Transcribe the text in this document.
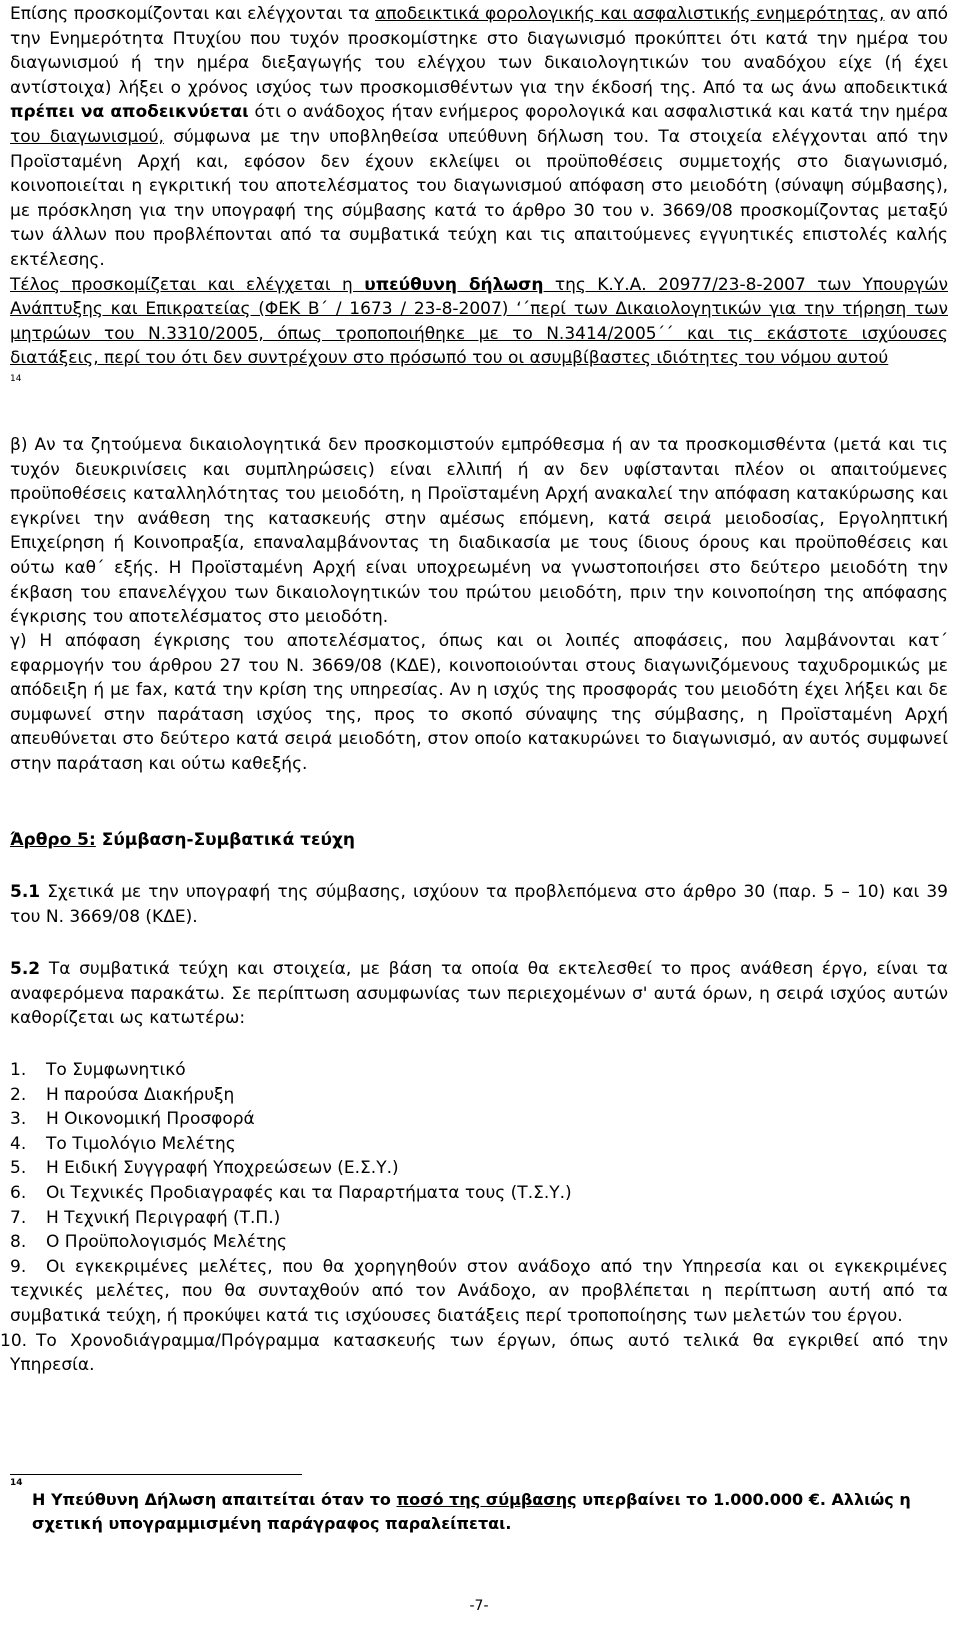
Επίσης προσκομίζονται και ελέγχονται τα αποδεικτικά φορολογικής και ασφαλιστικής ενημερότητας, αν από την Ενημερότητα Πτυχίου που τυχόν προσκομίστηκε στο διαγωνισμό προκύπτει ότι κατά την ημέρα του διαγωνισμού ή την ημέρα διεξαγωγής του ελέγχου των δικαιολογητικών του αναδόχου είχε (ή έχει αντίστοιχα) λήξει ο χρόνος ισχύος των προσκομισθέντων για την έκδοσή της. Από τα ως άνω αποδεικτικά πρέπει να αποδεικνύεται ότι ο ανάδοχος ήταν ενήμερος φορολογικά και ασφαλιστικά και κατά την ημέρα του διαγωνισμού, σύμφωνα με την υποβληθείσα υπεύθυνη δήλωση του. Τα στοιχεία ελέγχονται από την Προϊσταμένη Αρχή και, εφόσον δεν έχουν εκλείψει οι προϋποθέσεις συμμετοχής στο διαγωνισμό, κοινοποιείται η εγκριτική του αποτελέσματος του διαγωνισμού απόφαση στο μειοδότη (σύναψη σύμβασης), με πρόσκληση για την υπογραφή της σύμβασης κατά το άρθρο 30 του ν. 3669/08 προσκομίζοντας μεταξύ των άλλων που προβλέπονται από τα συμβατικά τεύχη και τις απαιτούμενες εγγυητικές επιστολές καλής εκτέλεσης.

Τέλος προσκομίζεται και ελέγχεται η υπεύθυνη δήλωση της Κ.Υ.Α. 20977/23-8-2007 των Υπουργών Ανάπτυξης και Επικρατείας (ΦΕΚ Β΄ / 1673 / 23-8-2007) ‘΄περί των Δικαιολογητικών για την τήρηση των μητρώων του Ν.3310/2005, όπως τροποποιήθηκε με το Ν.3414/2005΄΄ και τις εκάστοτε ισχύουσες διατάξεις, περί του ότι δεν συντρέχουν στο πρόσωπό του οι ασυμβίβαστες ιδιότητες του νόμου αυτού

14

β) Αν τα ζητούμενα δικαιολογητικά δεν προσκομιστούν εμπρόθεσμα ή αν τα προσκομισθέντα (μετά και τις τυχόν διευκρινίσεις και συμπληρώσεις) είναι ελλιπή ή αν δεν υφίστανται πλέον οι απαιτούμενες προϋποθέσεις καταλληλότητας του μειοδότη, η Προϊσταμένη Αρχή ανακαλεί την απόφαση κατακύρωσης και εγκρίνει την ανάθεση της κατασκευής στην αμέσως επόμενη, κατά σειρά μειοδοσίας, Εργοληπτική Επιχείρηση ή Κοινοπραξία, επαναλαμβάνοντας τη διαδικασία με τους ίδιους όρους και προϋποθέσεις και ούτω καθ΄ εξής. Η Προϊσταμένη Αρχή είναι υποχρεωμένη να γνωστοποιήσει στο δεύτερο μειοδότη την έκβαση του επανελέγχου των δικαιολογητικών του πρώτου μειοδότη, πριν την κοινοποίηση της απόφασης έγκρισης του αποτελέσματος στο μειοδότη.

γ) Η απόφαση έγκρισης του αποτελέσματος, όπως και οι λοιπές αποφάσεις, που λαμβάνονται κατ΄ εφαρμογήν του άρθρου 27 του Ν. 3669/08 (ΚΔΕ), κοινοποιούνται στους διαγωνιζόμενους ταχυδρομικώς με απόδειξη ή με fax, κατά την κρίση της υπηρεσίας. Αν η ισχύς της προσφοράς του μειοδότη έχει λήξει και δε συμφωνεί στην παράταση ισχύος της, προς το σκοπό σύναψης της σύμβασης, η Προϊσταμένη Αρχή απευθύνεται στο δεύτερο κατά σειρά μειοδότη, στον οποίο κατακυρώνει το διαγωνισμό, αν αυτός συμφωνεί στην παράταση και ούτω καθεξής.

Άρθρο 5: Σύμβαση-Συμβατικά τεύχη

5.1 Σχετικά με την υπογραφή της σύμβασης, ισχύουν τα προβλεπόμενα στο άρθρο 30 (παρ. 5 – 10) και 39 του Ν. 3669/08 (ΚΔΕ).

5.2 Τα συμβατικά τεύχη και στοιχεία, με βάση τα οποία θα εκτελεσθεί το προς ανάθεση έργο, είναι τα αναφερόμενα παρακάτω. Σε περίπτωση ασυμφωνίας των περιεχομένων σ' αυτά όρων, η σειρά ισχύος αυτών καθορίζεται ως κατωτέρω:

1. Το Συμφωνητικό
2. Η παρούσα Διακήρυξη
3. Η Οικονομική Προσφορά
4. Το Τιμολόγιο Μελέτης
5. Η Ειδική Συγγραφή Υποχρεώσεων (Ε.Σ.Υ.)
6. Οι Τεχνικές Προδιαγραφές και τα Παραρτήματα τους (Τ.Σ.Υ.)
7. Η Τεχνική Περιγραφή (Τ.Π.)
8. Ο Προϋπολογισμός Μελέτης
9. Οι εγκεκριμένες μελέτες, που θα χορηγηθούν στον ανάδοχο από την Υπηρεσία και οι εγκεκριμένες τεχνικές μελέτες, που θα συνταχθούν από τον Ανάδοχο, αν προβλέπεται η περίπτωση αυτή από τα συμβατικά τεύχη, ή προκύψει κατά τις ισχύουσες διατάξεις περί τροποποίησης των μελετών του έργου.
10. Το Χρονοδιάγραμμα/Πρόγραμμα κατασκευής των έργων, όπως αυτό τελικά θα εγκριθεί από την Υπηρεσία.
14
Η Υπεύθυνη Δήλωση απαιτείται όταν το ποσό της σύμβασης υπερβαίνει το 1.000.000 €. Αλλιώς η σχετική υπογραμμισμένη παράγραφος παραλείπεται.
-7-
